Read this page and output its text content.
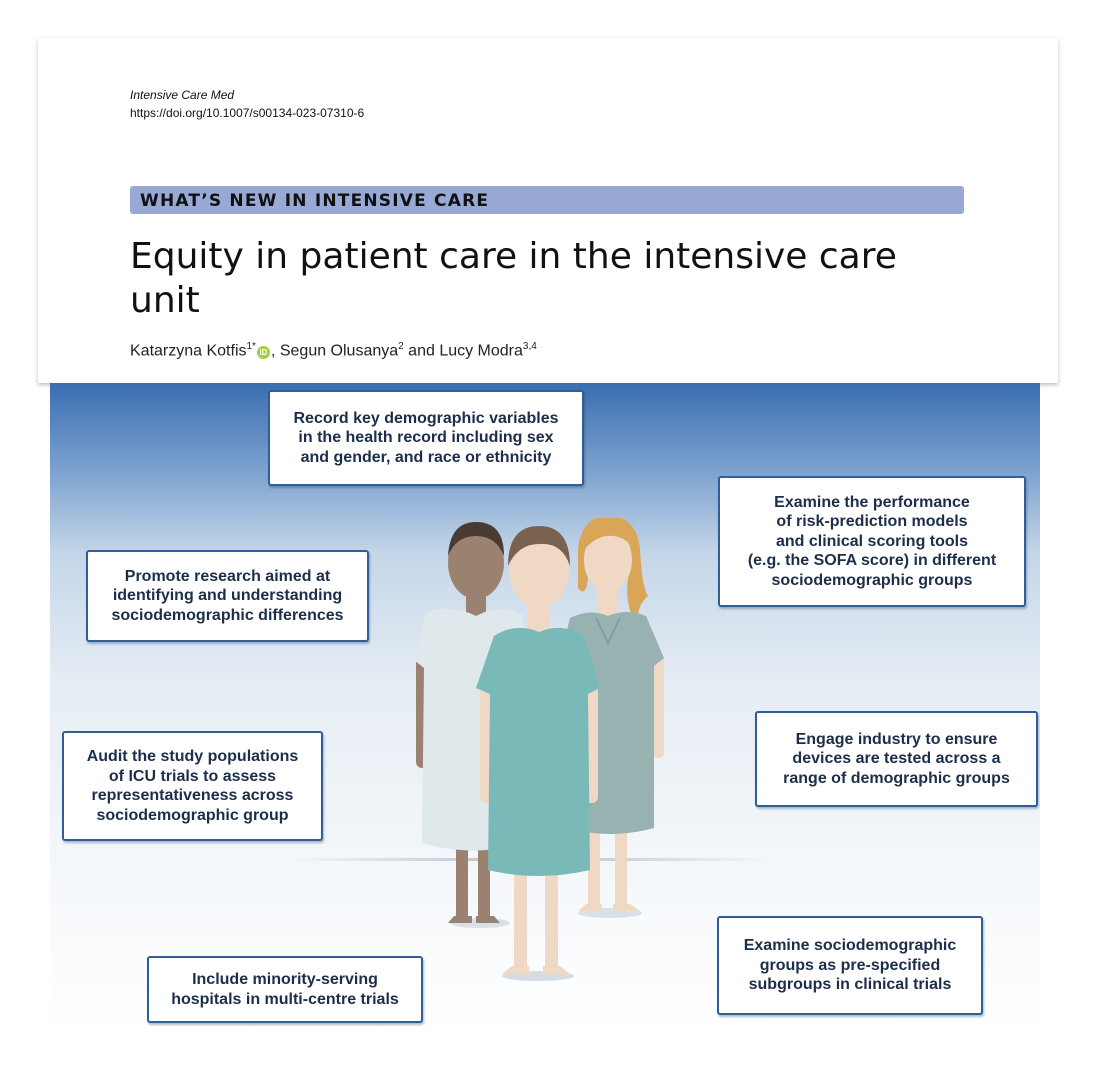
Intensive Care Med
https://doi.org/10.1007/s00134-023-07310-6
WHAT’S NEW IN INTENSIVE CARE
Equity in patient care in the intensive care unit
Katarzyna Kotfis$^{1*}$iD , Segun Olusanya$^2$ and Lucy Modra$^{3,4}$
Record key demographic variables
in the health record including sex
and gender, and race or ethnicity
Promote research aimed at
identifying and understanding
sociodemographic differences
Examine the performance
of risk-prediction models
and clinical scoring tools
(e.g. the SOFA score) in different
sociodemographic groups
Audit the study populations
of ICU trials to assess
representativeness across
sociodemographic group
Engage industry to ensure
devices are tested across a
range of demographic groups
Include minority-serving
hospitals in multi-centre trials
Examine sociodemographic
groups as pre-specified
subgroups in clinical trials
